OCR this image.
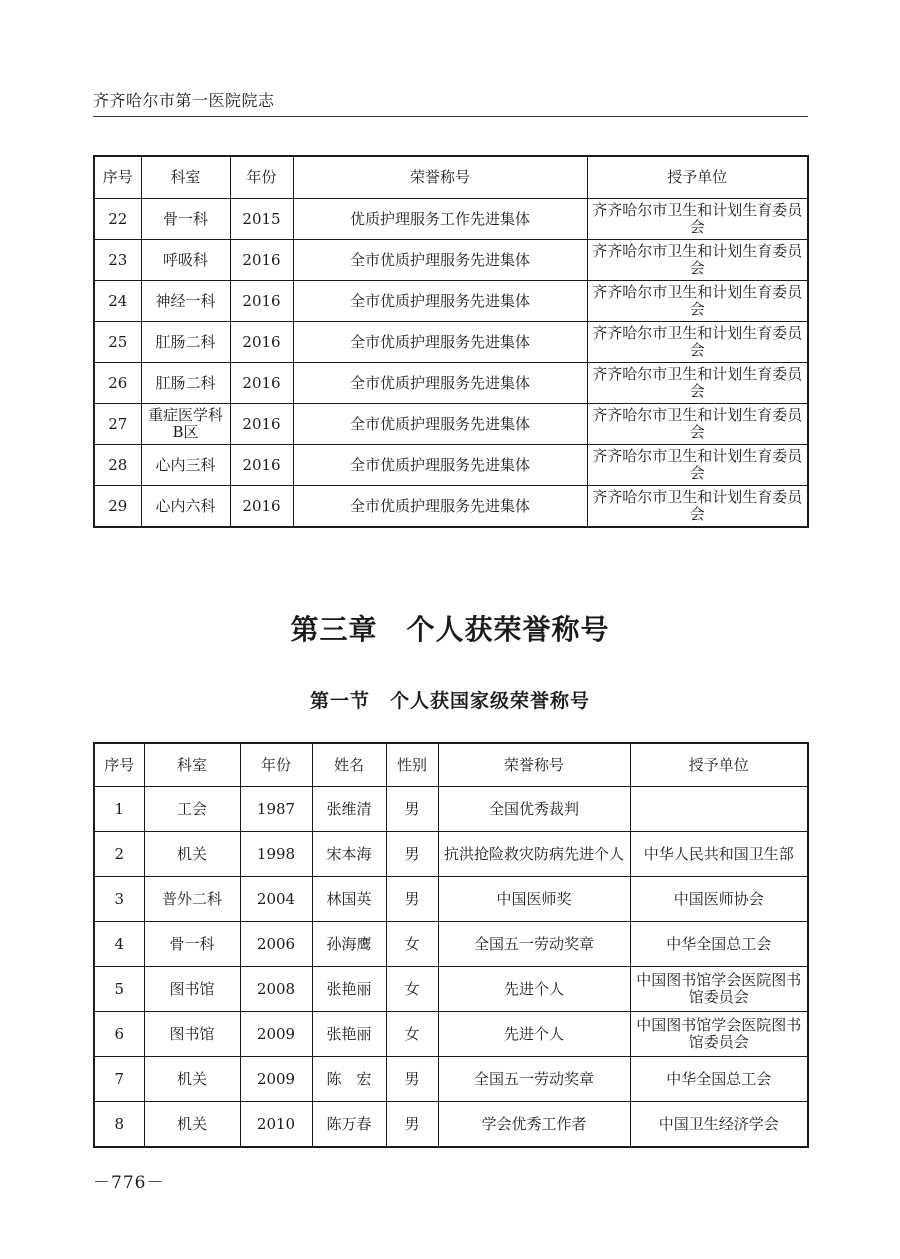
齐齐哈尔市第一医院院志
序号	科室	年份	荣誉称号	授予单位
22	骨一科	2015	优质护理服务工作先进集体	齐齐哈尔市卫生和计划生育委员会
23	呼吸科	2016	全市优质护理服务先进集体	齐齐哈尔市卫生和计划生育委员会
24	神经一科	2016	全市优质护理服务先进集体	齐齐哈尔市卫生和计划生育委员会
25	肛肠二科	2016	全市优质护理服务先进集体	齐齐哈尔市卫生和计划生育委员会
26	肛肠二科	2016	全市优质护理服务先进集体	齐齐哈尔市卫生和计划生育委员会
27	重症医学科B区	2016	全市优质护理服务先进集体	齐齐哈尔市卫生和计划生育委员会
28	心内三科	2016	全市优质护理服务先进集体	齐齐哈尔市卫生和计划生育委员会
29	心内六科	2016	全市优质护理服务先进集体	齐齐哈尔市卫生和计划生育委员会
第三章　个人获荣誉称号
第一节　个人获国家级荣誉称号
序号	科室	年份	姓名	性别	荣誉称号	授予单位
1	工会	1987	张维清	男	全国优秀裁判	
2	机关	1998	宋本海	男	抗洪抢险救灾防病先进个人	中华人民共和国卫生部
3	普外二科	2004	林国英	男	中国医师奖	中国医师协会
4	骨一科	2006	孙海鹰	女	全国五一劳动奖章	中华全国总工会
5	图书馆	2008	张艳丽	女	先进个人	中国图书馆学会医院图书馆委员会
6	图书馆	2009	张艳丽	女	先进个人	中国图书馆学会医院图书馆委员会
7	机关	2009	陈　宏	男	全国五一劳动奖章	中华全国总工会
8	机关	2010	陈万春	男	学会优秀工作者	中国卫生经济学会
－776－
